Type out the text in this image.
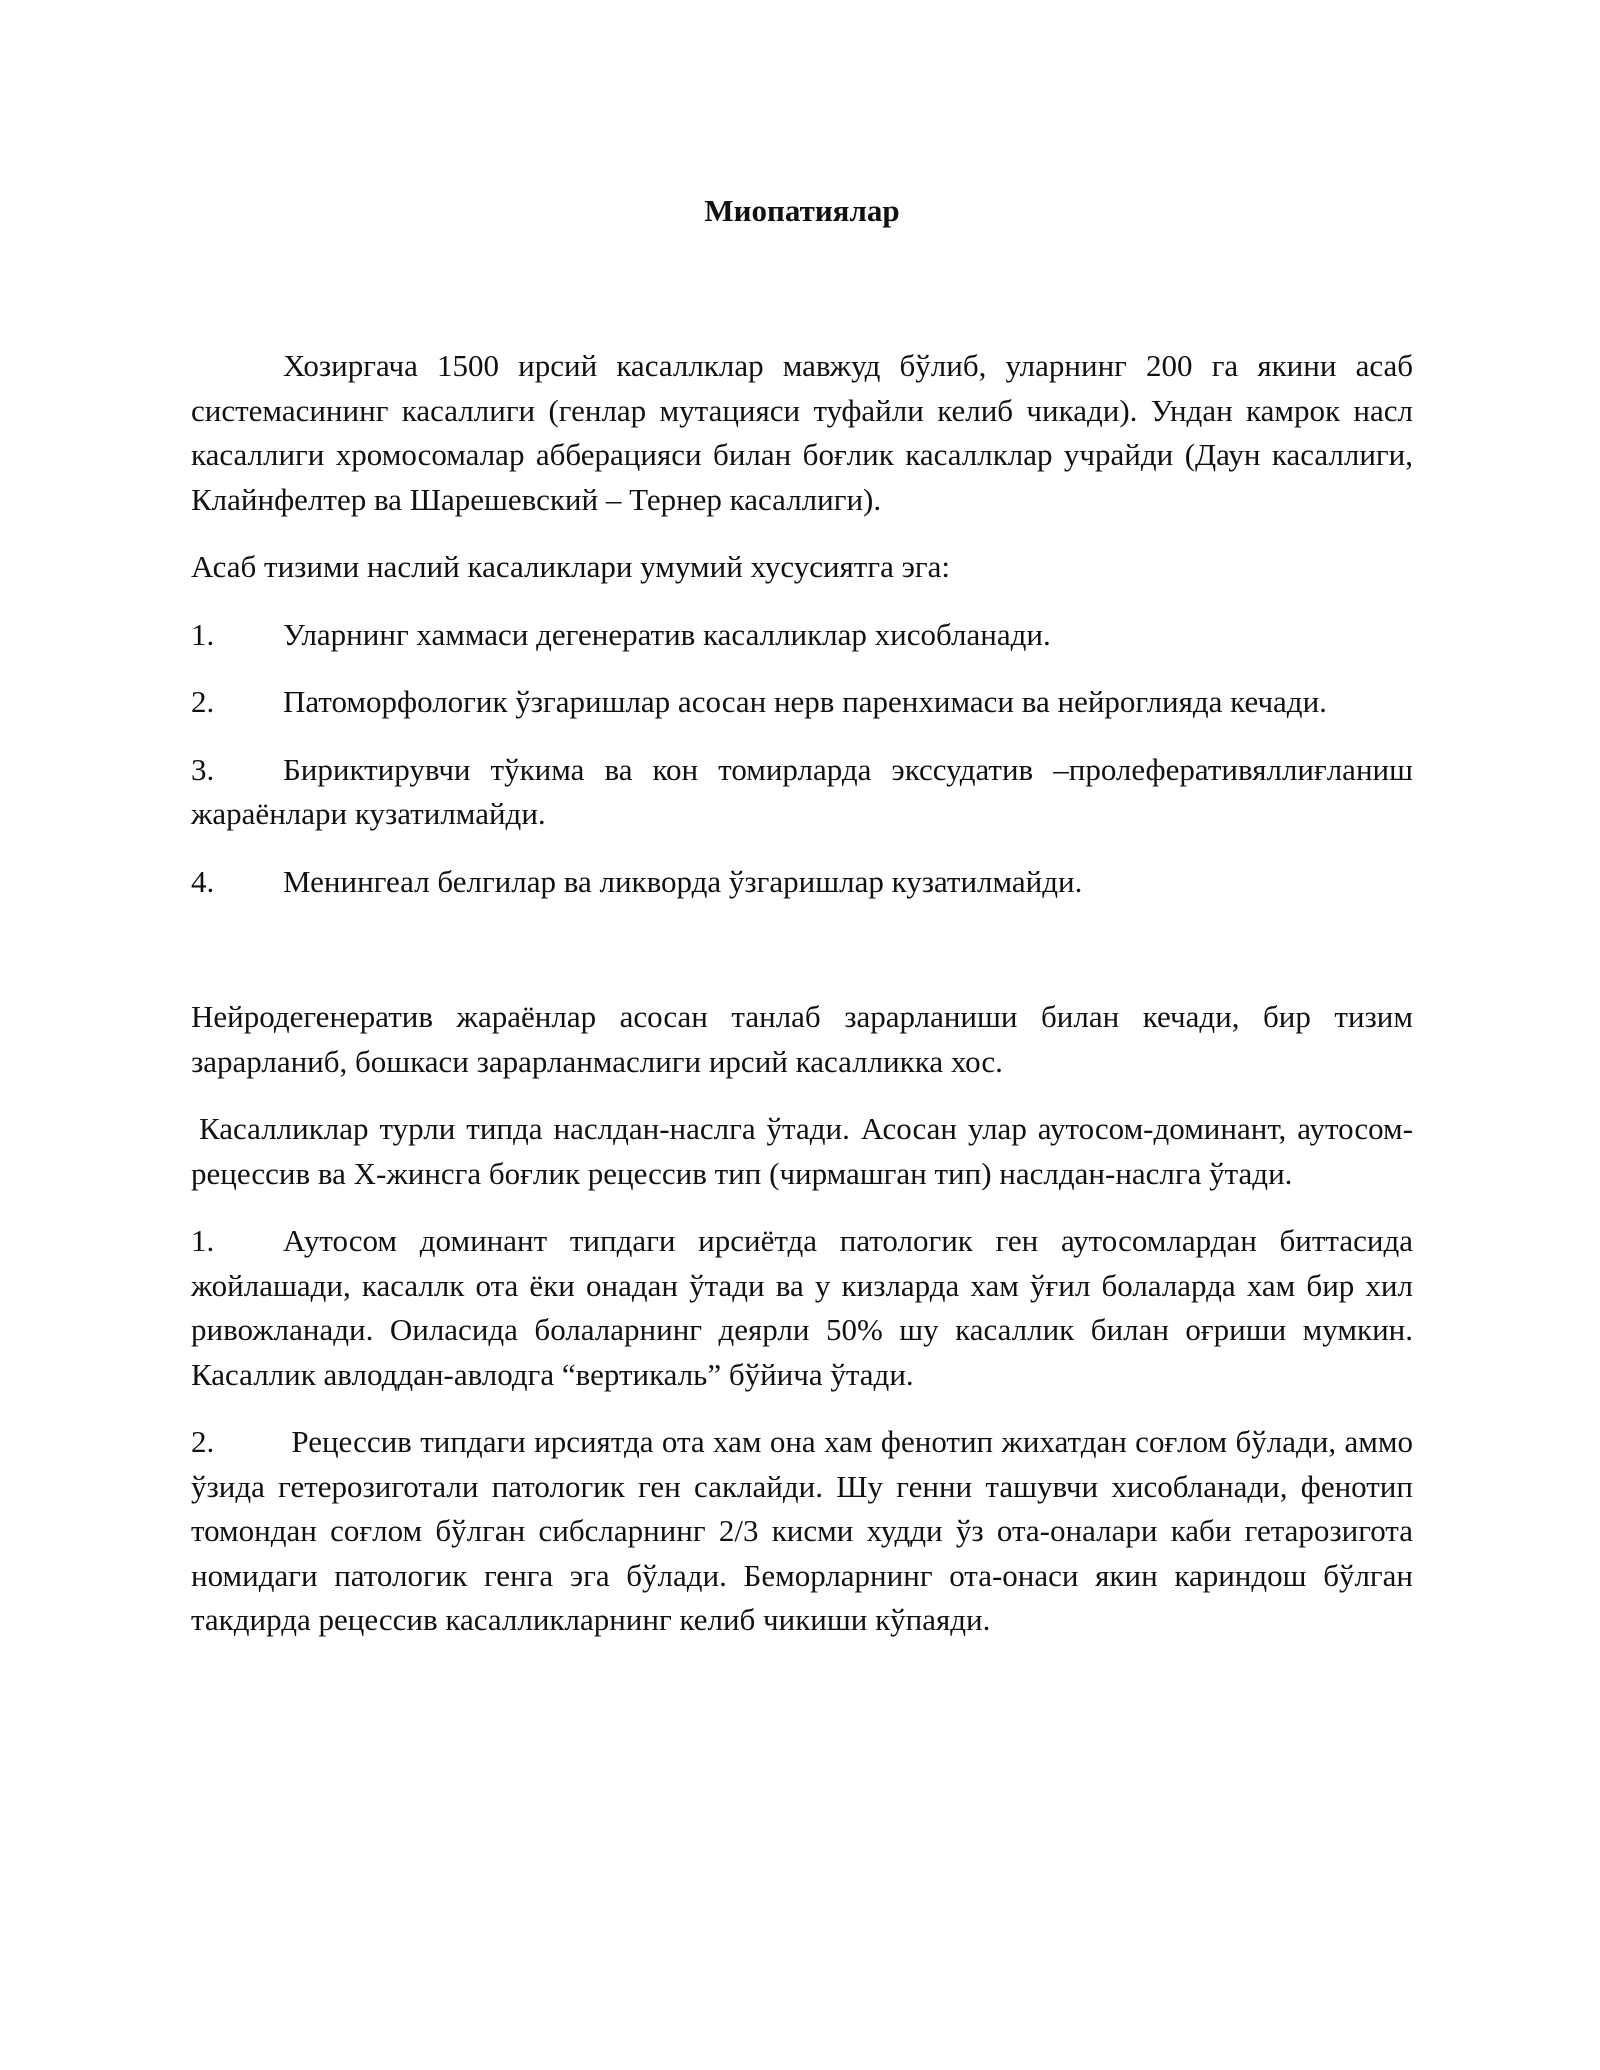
Миопатиялар

Хозиргача 1500 ирсий касаллклар мавжуд бўлиб, уларнинг 200 га якини асаб системасининг касаллиги (генлар мутацияси туфайли келиб чикади). Ундан камрок насл касаллиги хромосомалар абберацияси билан боғлик касаллклар учрайди (Даун касаллиги, Клайнфелтер ва Шарешевский – Тернер касаллиги).

Асаб тизими наслий касаликлари умумий хусусиятга эга:

1. Уларнинг хаммаси дегенератив касалликлар хисобланади.

2. Патоморфологик ўзгаришлар асосан нерв паренхимаси ва нейроглияда кечади.

3. Бириктирувчи тўкима ва кон томирларда экссудатив –пролеферативяллиғланиш жараёнлари кузатилмайди.

4. Менингеал белгилар ва ликворда ўзгаришлар кузатилмайди.

Нейродегенератив жараёнлар асосан танлаб зарарланиши билан кечади, бир тизим зарарланиб, бошкаси зарарланмаслиги ирсий касалликка хос.

Касалликлар турли типда наслдан-наслга ўтади. Асосан улар аутосом-доминант, аутосом-рецессив ва Х-жинсга боғлик рецессив тип (чирмашган тип) наслдан-наслга ўтади.

1. Аутосом доминант типдаги ирсиётда патологик ген аутосомлардан биттасида жойлашади, касаллк ота ёки онадан ўтади ва у кизларда хам ўғил болаларда хам бир хил ривожланади. Оиласида болаларнинг деярли 50% шу касаллик билан оғриши мумкин. Касаллик авлоддан-авлодга “вертикаль” бўйича ўтади.

2. Рецессив типдаги ирсиятда ота хам она хам фенотип жихатдан соғлом бўлади, аммо ўзида гетерозиготали патологик ген саклайди. Шу генни ташувчи хисобланади, фенотип томондан соғлом бўлган сибсларнинг 2/3 кисми худди ўз ота-оналари каби гетарозигота номидаги патологик генга эга бўлади. Беморларнинг ота-онаси якин кариндош бўлган такдирда рецессив касалликларнинг келиб чикиши кўпаяди.
